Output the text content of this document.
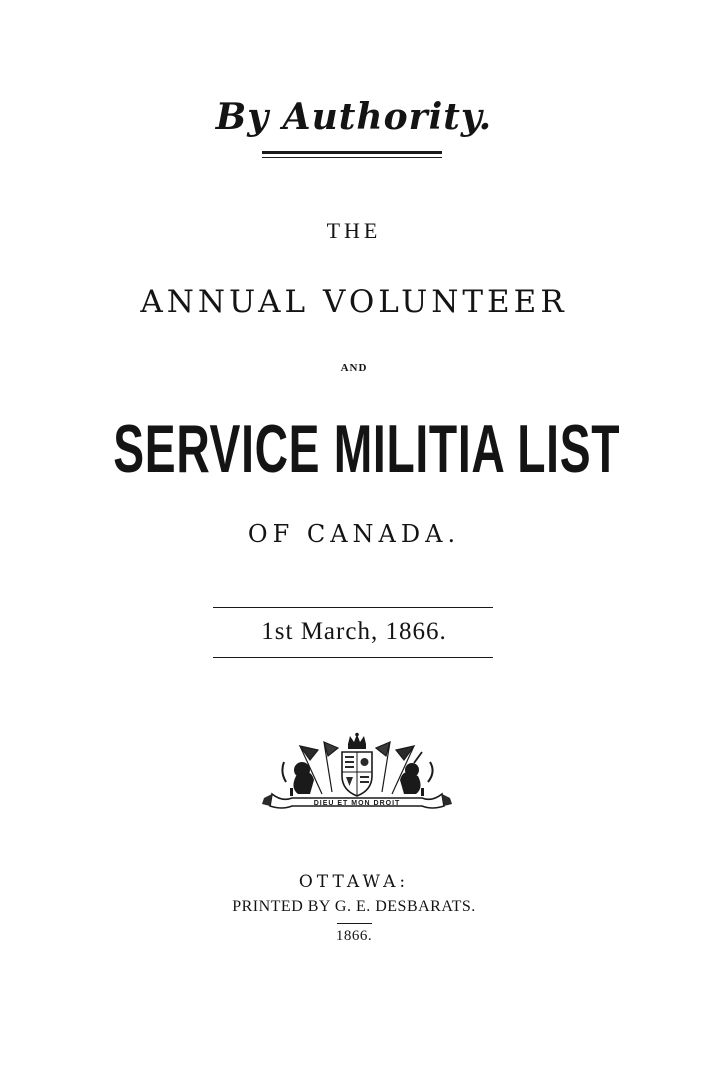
By Authority.
THE
ANNUAL VOLUNTEER
AND
SERVICE MILITIA LIST
OF CANADA.
1st March, 1866.
DIEU ET MON DROIT
OTTAWA:
PRINTED BY G. E. DESBARATS.
1866.
